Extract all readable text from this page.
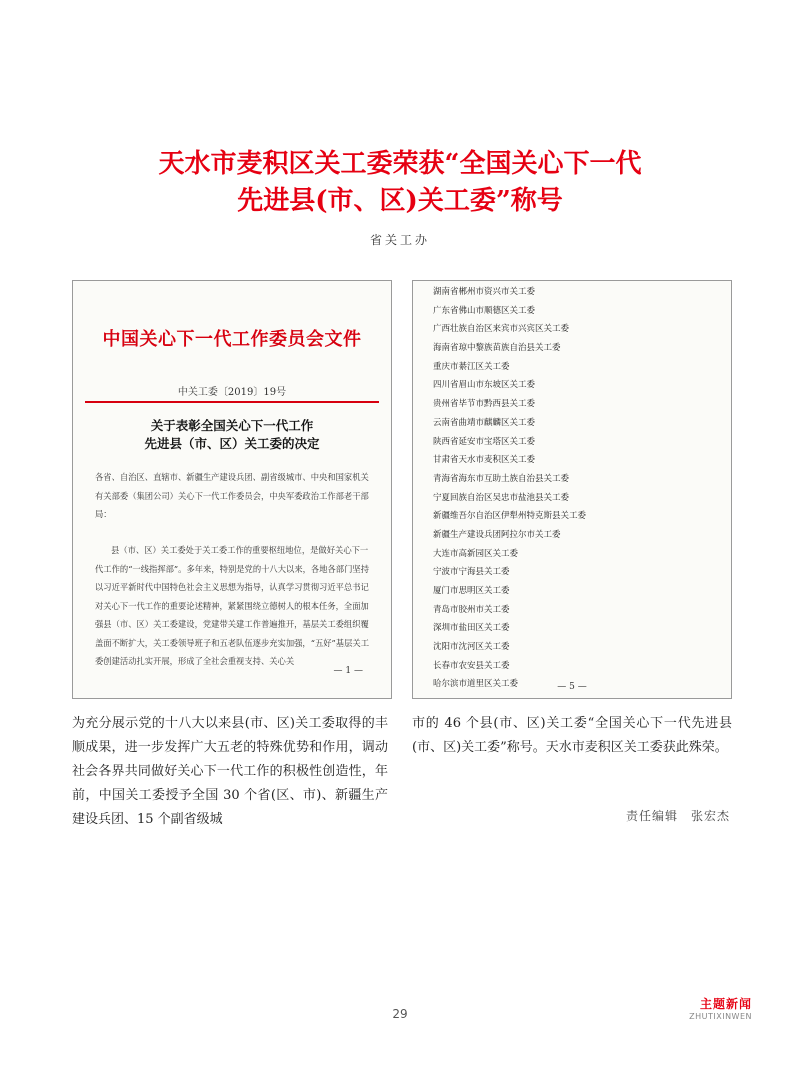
天水市麦积区关工委荣获“全国关心下一代
先进县(市、区)关工委”称号
省关工办
中国关心下一代工作委员会文件
中关工委〔2019〕19号
关于表彰全国关心下一代工作
先进县（市、区）关工委的决定
各省、自治区、直辖市、新疆生产建设兵团、副省级城市、中央和国家机关有关部委（集团公司）关心下一代工作委员会，中央军委政治工作部老干部局：
县（市、区）关工委处于关工委工作的重要枢纽地位，是做好关心下一代工作的“一线指挥部”。多年来，特别是党的十八大以来，各地各部门坚持以习近平新时代中国特色社会主义思想为指导，认真学习贯彻习近平总书记对关心下一代工作的重要论述精神，紧紧围绕立德树人的根本任务，全面加强县（市、区）关工委建设，党建带关建工作普遍推开，基层关工委组织覆盖面不断扩大，关工委领导班子和五老队伍逐步充实加强，“五好”基层关工委创建活动扎实开展，形成了全社会重视支持、关心关
— 1 —
湖南省郴州市资兴市关工委
广东省佛山市顺德区关工委
广西壮族自治区来宾市兴宾区关工委
海南省琼中黎族苗族自治县关工委
重庆市綦江区关工委
四川省眉山市东坡区关工委
贵州省毕节市黔西县关工委
云南省曲靖市麒麟区关工委
陕西省延安市宝塔区关工委
甘肃省天水市麦积区关工委
青海省海东市互助土族自治县关工委
宁夏回族自治区吴忠市盐池县关工委
新疆维吾尔自治区伊犁州特克斯县关工委
新疆生产建设兵团阿拉尔市关工委
大连市高新园区关工委
宁波市宁海县关工委
厦门市思明区关工委
青岛市胶州市关工委
深圳市盐田区关工委
沈阳市沈河区关工委
长春市农安县关工委
哈尔滨市道里区关工委	— 5 —
为充分展示党的十八大以来县(市、区)关工委取得的丰顺成果，进一步发挥广大五老的特殊优势和作用，调动社会各界共同做好关心下一代工作的积极性创造性，年前，中国关工委授予全国 30 个省(区、市)、新疆生产建设兵团、15 个副省级城
市的 46 个县(市、区)关工委“全国关心下一代先进县(市、区)关工委”称号。天水市麦积区关工委获此殊荣。
责任编辑　张宏杰
29
主题新闻
ZHUTIXINWEN
